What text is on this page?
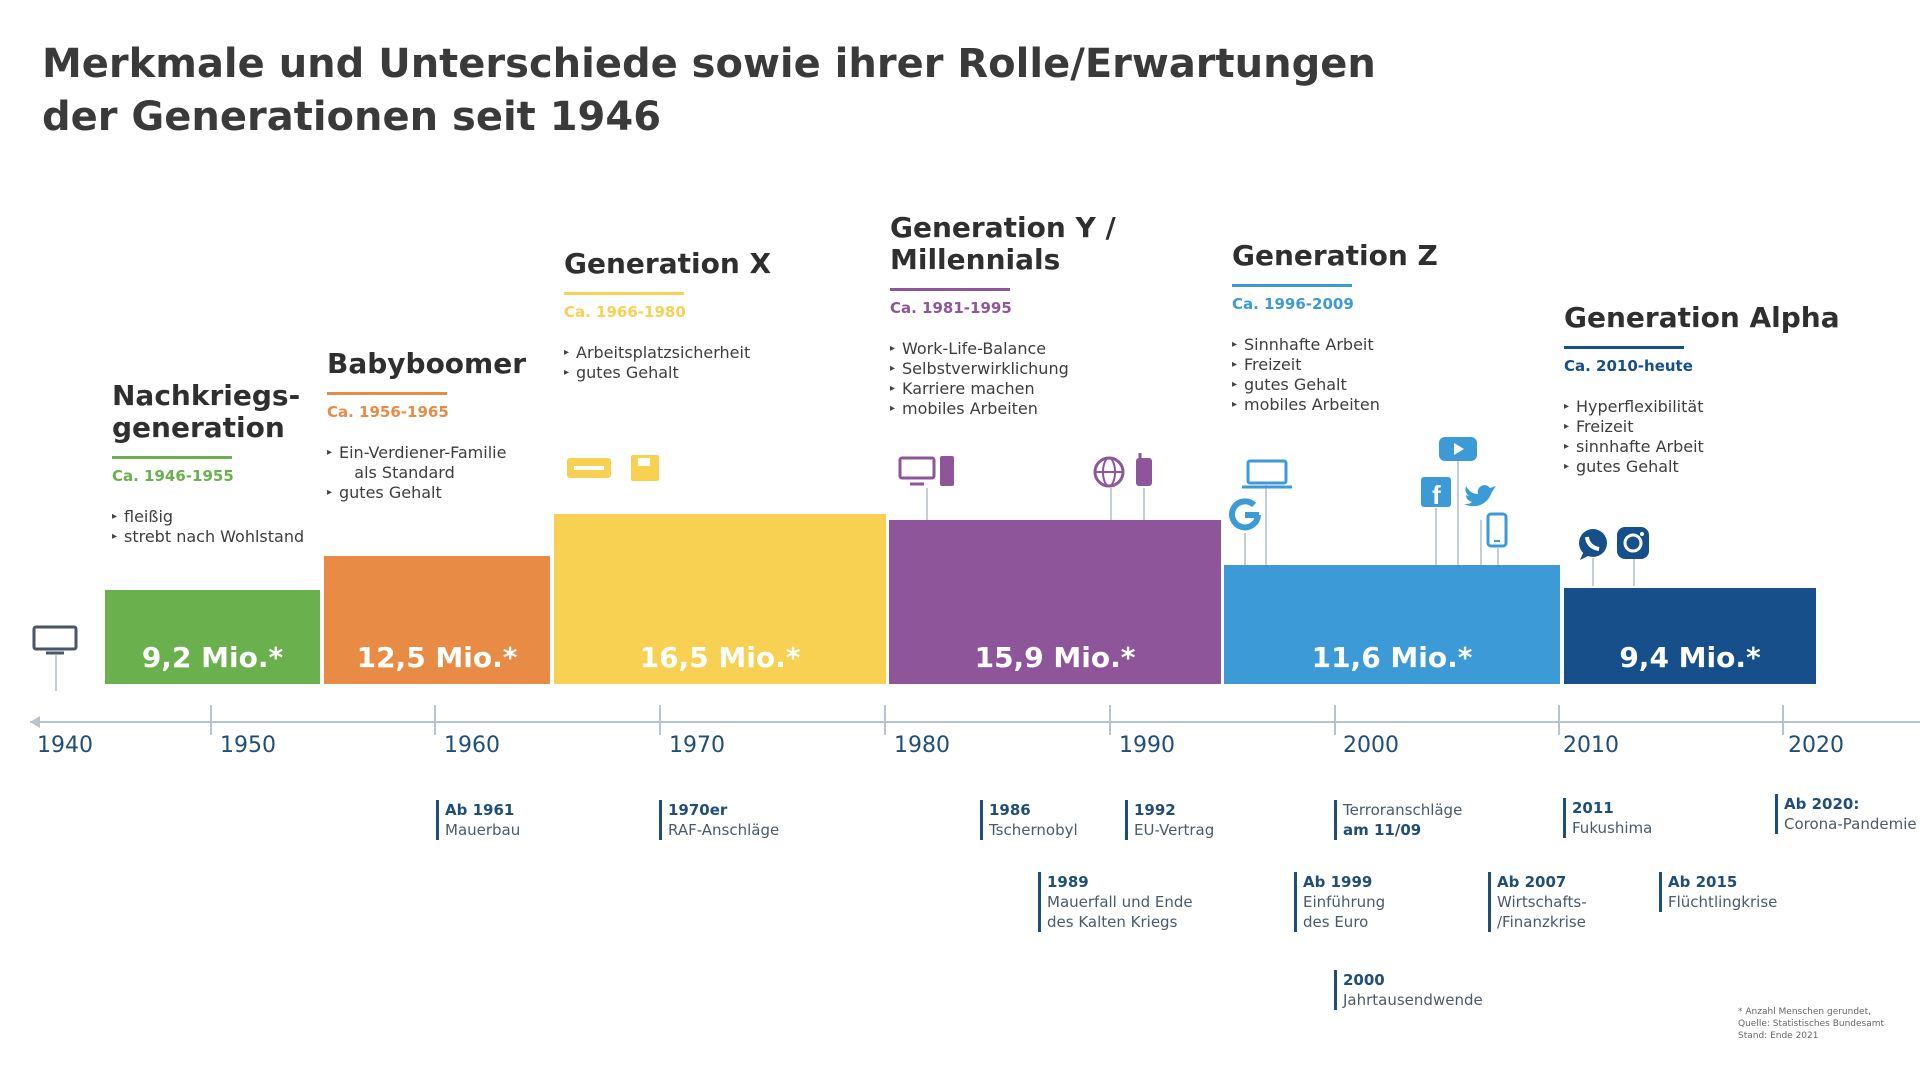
Merkmale und Unterschiede sowie ihrer Rolle/Erwartungen
der Generationen seit 1946
Nachkriegs-
generation
Ca. 1946-1955
▸ fleißig
▸ strebt nach Wohlstand
Babyboomer
Ca. 1956-1965
▸ Ein-Verdiener-Familie
als Standard
▸ gutes Gehalt
Generation X
Ca. 1966-1980
▸ Arbeitsplatzsicherheit
▸ gutes Gehalt
Generation Y /
Millennials
Ca. 1981-1995
▸ Work-Life-Balance
▸ Selbstverwirklichung
▸ Karriere machen
▸ mobiles Arbeiten
Generation Z
Ca. 1996-2009
▸ Sinnhafte Arbeit
▸ Freizeit
▸ gutes Gehalt
▸ mobiles Arbeiten
Generation Alpha
Ca. 2010-heute
▸ Hyperflexibilität
▸ Freizeit
▸ sinnhafte Arbeit
▸ gutes Gehalt
f
9,2 Mio.*	12,5 Mio.*	16,5 Mio.*	15,9 Mio.*	11,6 Mio.*	9,4 Mio.*
1940	1950	1960	1970	1980	1990	2000	2010	2020
Ab 1961
Mauerbau
1970er
RAF-Anschläge
1986
Tschernobyl
1992
EU-Vertrag
Terroranschläge
am 11/09
2011
Fukushima
Ab 2020:
Corona-Pandemie
1989
Mauerfall und Ende
des Kalten Kriegs
Ab 1999
Einführung
des Euro
Ab 2007
Wirtschafts-
/Finanzkrise
Ab 2015
Flüchtlingkrise
2000
Jahrtausendwende
* Anzahl Menschen gerundet,
Quelle: Statistisches Bundesamt
Stand: Ende 2021
